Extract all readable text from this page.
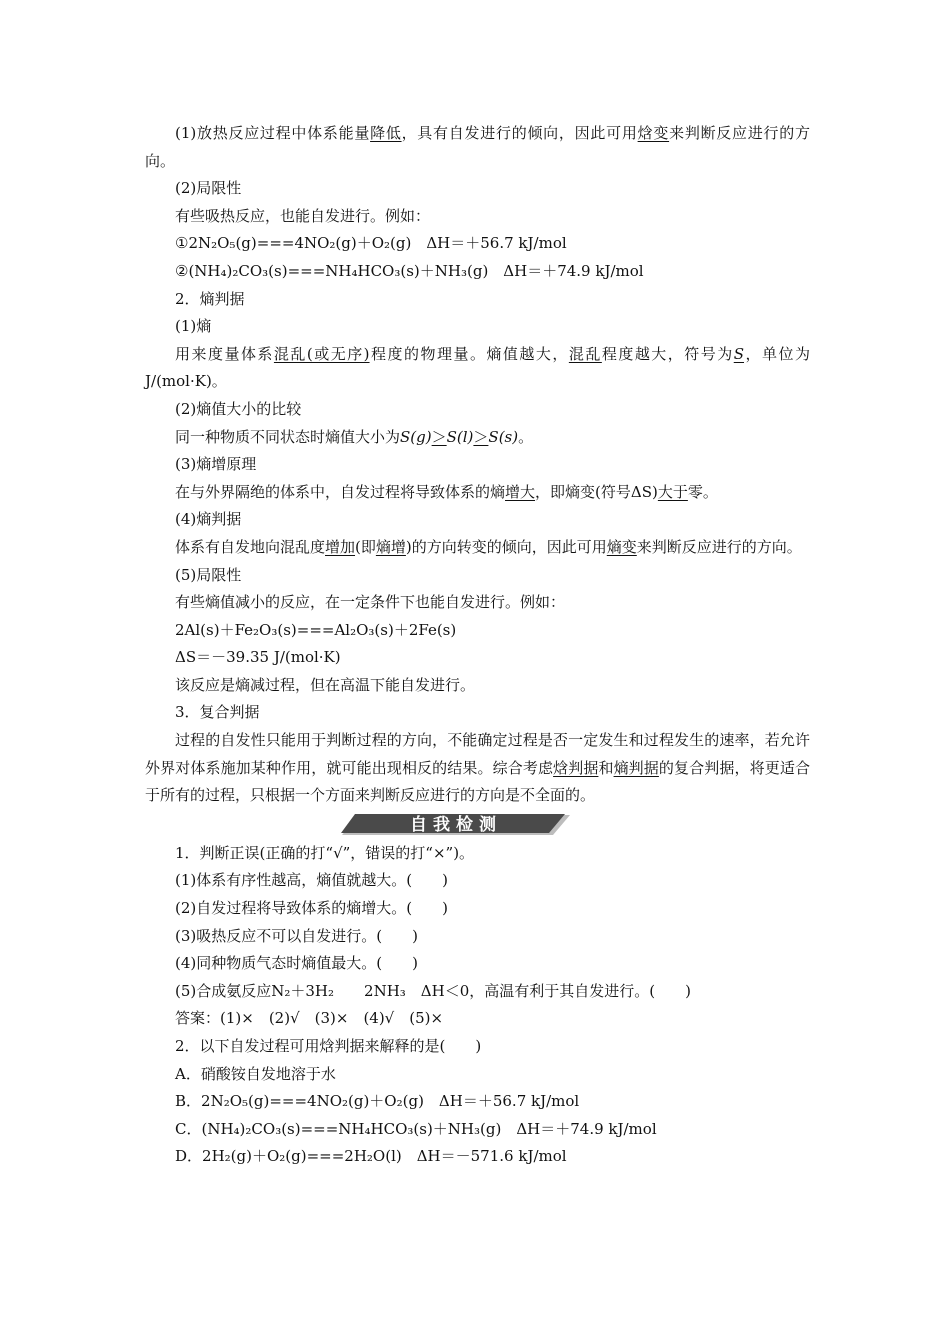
(1)放热反应过程中体系能量降低，具有自发进行的倾向，因此可用焓变来判断反应进行的方向。
(2)局限性
有些吸热反应，也能自发进行。例如：
①2N₂O₅(g)===4NO₂(g)＋O₂(g)　ΔH＝＋56.7 kJ/mol
②(NH₄)₂CO₃(s)===NH₄HCO₃(s)＋NH₃(g)　ΔH＝＋74.9 kJ/mol
2．熵判据
(1)熵
用来度量体系混乱(或无序)程度的物理量。熵值越大，混乱程度越大，符号为S，单位为J/(mol·K)。
(2)熵值大小的比较
同一种物质不同状态时熵值大小为S(g)＞S(l)＞S(s)。
(3)熵增原理
在与外界隔绝的体系中，自发过程将导致体系的熵增大，即熵变(符号ΔS)大于零。
(4)熵判据
体系有自发地向混乱度增加(即熵增)的方向转变的倾向，因此可用熵变来判断反应进行的方向。
(5)局限性
有些熵值减小的反应，在一定条件下也能自发进行。例如：
2Al(s)＋Fe₂O₃(s)===Al₂O₃(s)＋2Fe(s)
ΔS＝－39.35 J/(mol·K)
该反应是熵减过程，但在高温下能自发进行。
3．复合判据
过程的自发性只能用于判断过程的方向，不能确定过程是否一定发生和过程发生的速率，若允许外界对体系施加某种作用，就可能出现相反的结果。综合考虑焓判据和熵判据的复合判据，将更适合于所有的过程，只根据一个方面来判断反应进行的方向是不全面的。
自我检测
1．判断正误(正确的打“√”，错误的打“×”)。
(1)体系有序性越高，熵值就越大。(　　)
(2)自发过程将导致体系的熵增大。(　　)
(3)吸热反应不可以自发进行。(　　)
(4)同种物质气态时熵值最大。(　　)
(5)合成氨反应N₂＋3H₂　　2NH₃　ΔH＜0，高温有利于其自发进行。(　　)
答案：(1)×　(2)√　(3)×　(4)√　(5)×
2．以下自发过程可用焓判据来解释的是(　　)
A．硝酸铵自发地溶于水
B．2N₂O₅(g)===4NO₂(g)＋O₂(g)　ΔH＝＋56.7 kJ/mol
C．(NH₄)₂CO₃(s)===NH₄HCO₃(s)＋NH₃(g)　ΔH＝＋74.9 kJ/mol
D．2H₂(g)＋O₂(g)===2H₂O(l)　ΔH＝－571.6 kJ/mol
